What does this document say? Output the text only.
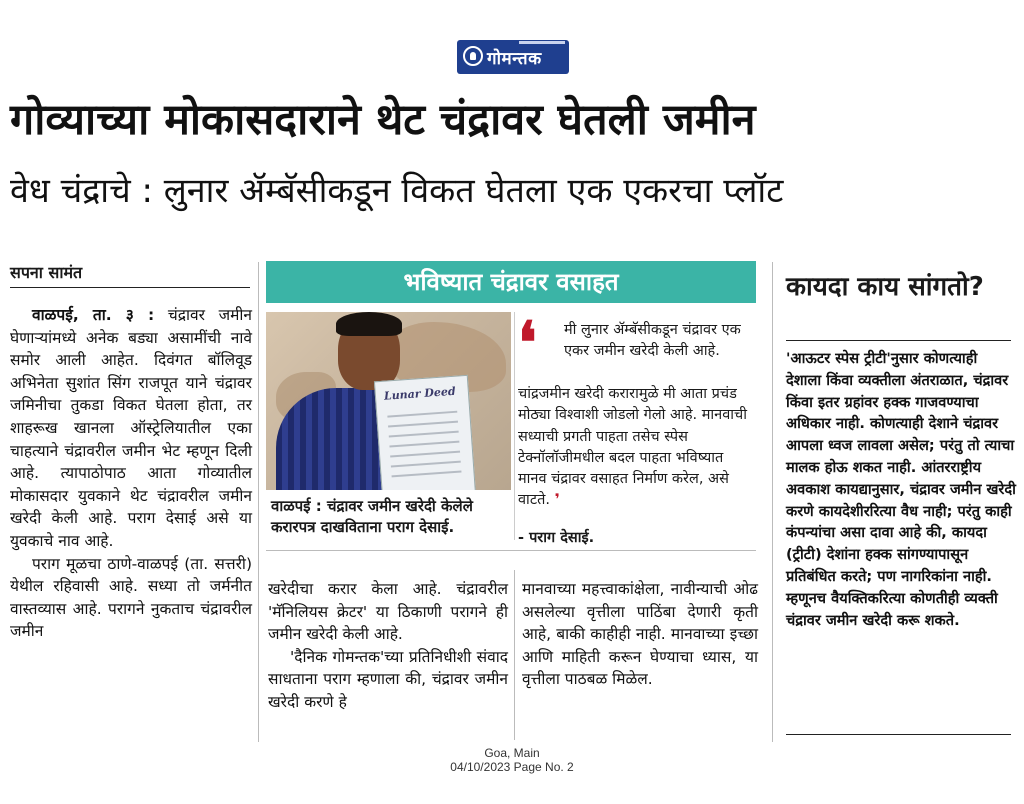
गोमन्तक
गोव्याच्या मोकासदाराने थेट चंद्रावर घेतली जमीन
वेध चंद्राचे : लुनार ॲम्बॅसीकडून विकत घेतला एक एकरचा प्लॉट
सपना सामंत

वाळपई, ता. ३ : चंद्रावर जमीन घेणाऱ्यांमध्ये अनेक बड्या असामींची नावे समोर आली आहेत. दिवंगत बॉलिवूड अभिनेता सुशांत सिंग राजपूत याने चंद्रावर जमिनीचा तुकडा विकत घेतला होता, तर शाहरूख खानला ऑस्ट्रेलियातील एका चाहत्याने चंद्रावरील जमीन भेट म्हणून दिली आहे. त्यापाठोपाठ आता गोव्यातील मोकासदार युवकाने थेट चंद्रावरील जमीन खरेदी केली आहे. पराग देसाई असे या युवकाचे नाव आहे.

पराग मूळचा ठाणे-वाळपई (ता. सत्तरी) येथील रहिवासी आहे. सध्या तो जर्मनीत वास्तव्यास आहे. परागने नुकताच चंद्रावरील जमीन

भविष्यात चंद्रावर वसाहत
Lunar Deed
वाळपई : चंद्रावर जमीन खरेदी केलेले करारपत्र दाखविताना पराग देसाई.
❛ मी लुनार ॲम्बॅसीकडून चंद्रावर एक एकर जमीन खरेदी केली आहे.
चांद्रजमीन खरेदी करारामुळे मी आता प्रचंड मोठ्या विश्वाशी जोडलो गेलो आहे. मानवाची सध्याची प्रगती पाहता तसेच स्पेस टेक्नॉलॉजीमधील बदल पाहता भविष्यात मानव चंद्रावर वसाहत निर्माण करेल, असे वाटते. ❜
- पराग देसाई.

खरेदीचा करार केला आहे. चंद्रावरील 'मॅनिलियस क्रेटर' या ठिकाणी परागने ही जमीन खरेदी केली आहे.

'दैनिक गोमन्तक'च्या प्रतिनिधीशी संवाद साधताना पराग म्हणाला की, चंद्रावर जमीन खरेदी करणे हे

मानवाच्या महत्त्वाकांक्षेला, नावीन्याची ओढ असलेल्या वृत्तीला पाठिंबा देणारी कृती आहे, बाकी काहीही नाही. मानवाच्या इच्छा आणि माहिती करून घेण्याचा ध्यास, या वृत्तीला पाठबळ मिळेल.

कायदा काय सांगतो?
'आऊटर स्पेस ट्रीटी'नुसार कोणत्याही देशाला किंवा व्यक्तीला अंतराळात, चंद्रावर किंवा इतर ग्रहांवर हक्क गाजवण्याचा अधिकार नाही. कोणत्याही देशाने चंद्रावर आपला ध्वज लावला असेल; परंतु तो त्याचा मालक होऊ शकत नाही. आंतरराष्ट्रीय अवकाश कायद्यानुसार, चंद्रावर जमीन खरेदी करणे कायदेशीररित्या वैध नाही; परंतु काही कंपन्यांचा असा दावा आहे की, कायदा (ट्रीटी) देशांना हक्क सांगण्यापासून प्रतिबंधित करते; पण नागरिकांना नाही. म्हणूनच वैयक्तिकरित्या कोणतीही व्यक्ती चंद्रावर जमीन खरेदी करू शकते.
Goa, Main
04/10/2023 Page No. 2
